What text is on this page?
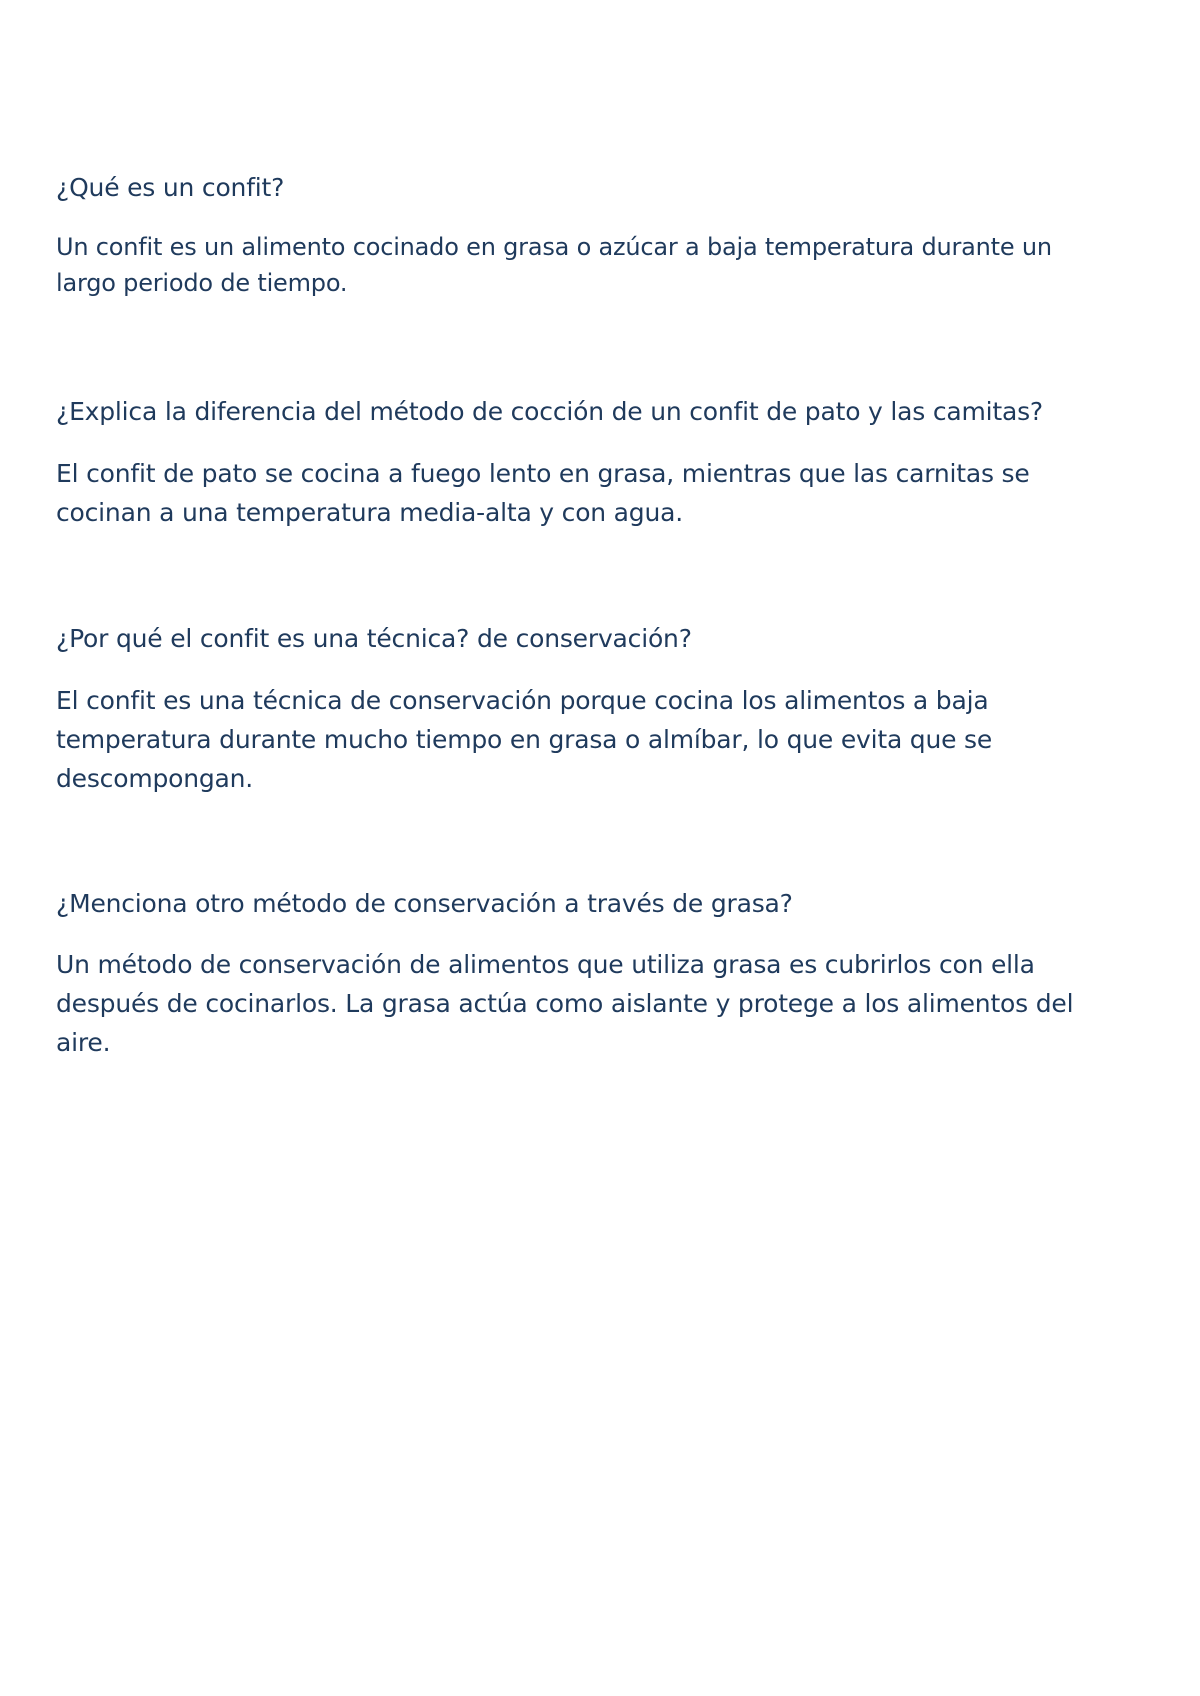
¿Qué es un confit?

Un confit es un alimento cocinado en grasa o azúcar a baja temperatura durante un largo periodo de tiempo.

¿Explica la diferencia del método de cocción de un confit de pato y las camitas?

El confit de pato se cocina a fuego lento en grasa, mientras que las carnitas se cocinan a una temperatura media-alta y con agua.

¿Por qué el confit es una técnica? de conservación?

El confit es una técnica de conservación porque cocina los alimentos a baja temperatura durante mucho tiempo en grasa o almíbar, lo que evita que se descompongan.

¿Menciona otro método de conservación a través de grasa?

Un método de conservación de alimentos que utiliza grasa es cubrirlos con ella después de cocinarlos. La grasa actúa como aislante y protege a los alimentos del aire.
